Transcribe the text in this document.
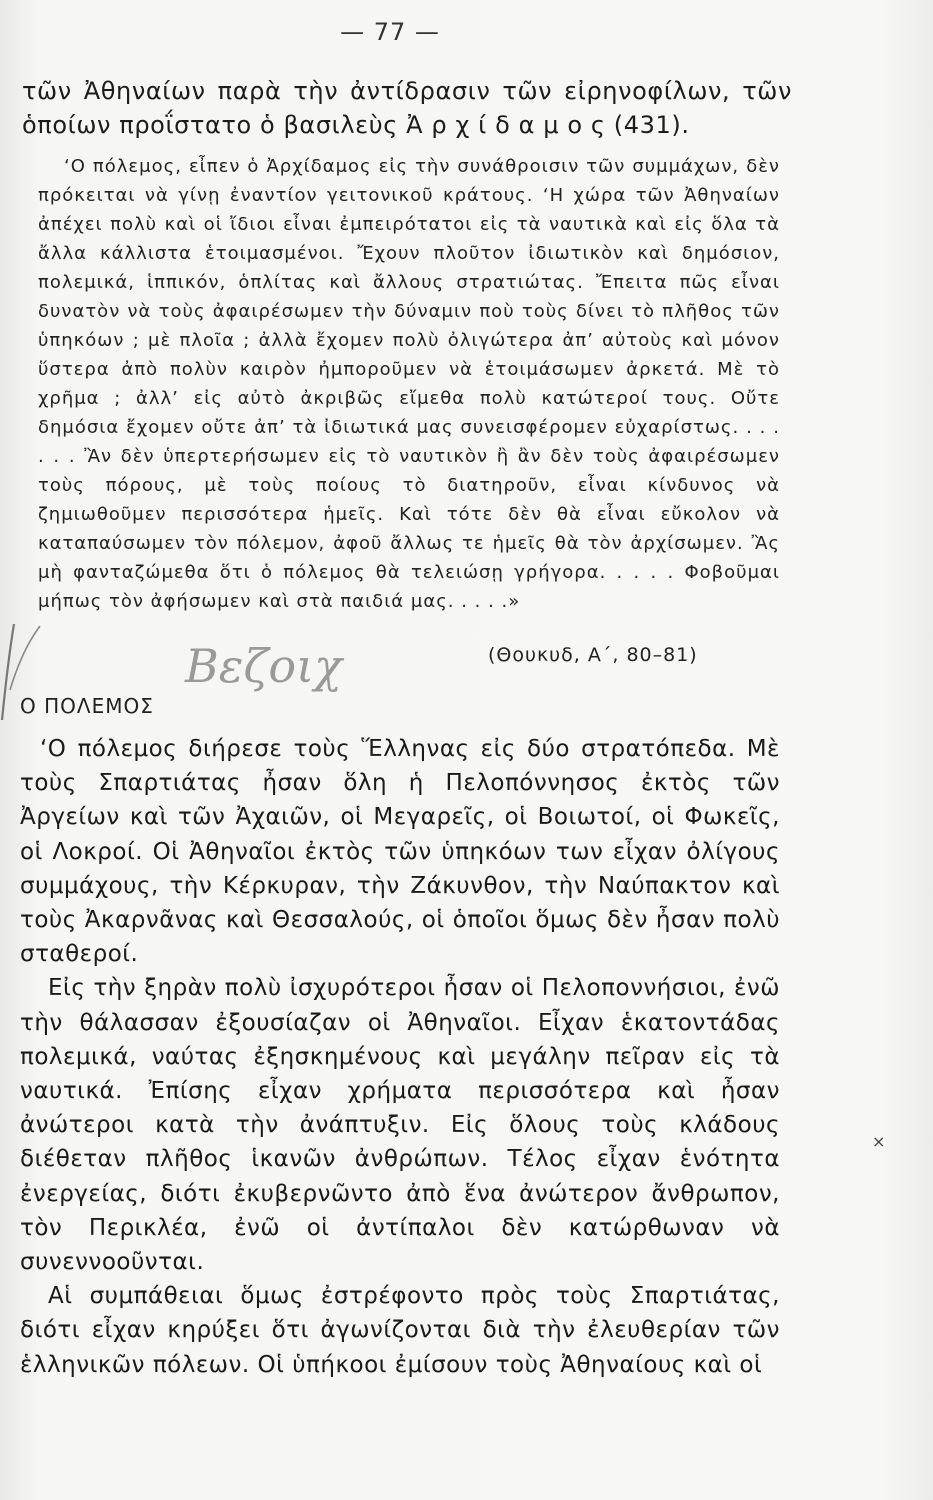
— 77 —

τῶν Ἀθηναίων παρὰ τὴν ἀντίδρασιν τῶν εἰρηνοφίλων, τῶν ὁποίων προΐστατο ὁ βασιλεὺς Ἀ ρ χ ί δ α μ ο ς (431).

‘Ο πόλεμος, εἶπεν ὁ Ἀρχίδαμος εἰς τὴν συνάθροισιν τῶν συμμάχων, δὲν πρόκειται νὰ γίνῃ ἐναντίον γειτονικοῦ κράτους. ‘Η χώρα τῶν Ἀθηναίων ἀπέχει πολὺ καὶ οἱ ἴδιοι εἶναι ἐμπειρότατοι εἰς τὰ ναυτικὰ καὶ εἰς ὅλα τὰ ἄλλα κάλλιστα ἑτοιμασμένοι. Ἔχουν πλοῦτον ἰδιωτικὸν καὶ δημόσιον, πολεμικά, ἱππικόν, ὁπλίτας καὶ ἄλλους στρατιώτας. Ἔπειτα πῶς εἶναι δυνατὸν νὰ τοὺς ἀφαιρέσωμεν τὴν δύναμιν ποὺ τοὺς δίνει τὸ πλῆθος τῶν ὑπηκόων ; μὲ πλοῖα ; ἀλλὰ ἔχομεν πολὺ ὀλιγώτερα ἀπ’ αὐτοὺς καὶ μόνον ὕστερα ἀπὸ πολὺν καιρὸν ἠμποροῦμεν νὰ ἑτοιμάσωμεν ἀρκετά. Μὲ τὸ χρῆμα ; ἀλλ’ εἰς αὐτὸ ἀκριβῶς εἴμεθα πολὺ κατώτεροί τους. Οὔτε δημόσια ἔχομεν οὔτε ἀπ’ τὰ ἰδιωτικά μας συνεισφέρομεν εὐχαρίστως. . . . . . . Ἂν δὲν ὑπερτερήσωμεν εἰς τὸ ναυτικὸν ἢ ἂν δὲν τοὺς ἀφαιρέσωμεν τοὺς πόρους, μὲ τοὺς ποίους τὸ διατηροῦν, εἶναι κίνδυνος νὰ ζημιωθοῦμεν περισσότερα ἡμεῖς. Καὶ τότε δὲν θὰ εἶναι εὔκολον νὰ καταπαύσωμεν τὸν πόλεμον, ἀφοῦ ἄλλως τε ἡμεῖς θὰ τὸν ἀρχίσωμεν. Ἂς μὴ φανταζώμεθα ὅτι ὁ πόλεμος θὰ τελειώσῃ γρήγορα. . . . . Φοβοῦμαι μήπως τὸν ἀφήσωμεν καὶ στὰ παιδιά μας. . . . .»
(Θουκυδ, Α΄, 80–81)
Βεζοιχ
Ο ΠΟΛΕΜΟΣ

‘Ο πόλεμος διήρεσε τοὺς Ἕλληνας εἰς δύο στρατόπεδα. Μὲ τοὺς Σπαρτιάτας ἦσαν ὅλη ἡ Πελοπόννησος ἐκτὸς τῶν Ἀργείων καὶ τῶν Ἀχαιῶν, οἱ Μεγαρεῖς, οἱ Βοιωτοί, οἱ Φωκεῖς, οἱ Λοκροί. Οἱ Ἀθηναῖοι ἐκτὸς τῶν ὑπηκόων των εἶχαν ὀλίγους συμμάχους, τὴν Κέρκυραν, τὴν Ζάκυνθον, τὴν Ναύπακτον καὶ τοὺς Ἀκαρνᾶνας καὶ Θεσσαλούς, οἱ ὁποῖοι ὅμως δὲν ἦσαν πολὺ σταθεροί.

Εἰς τὴν ξηρὰν πολὺ ἰσχυρότεροι ἦσαν οἱ Πελοποννήσιοι, ἐνῶ τὴν θάλασσαν ἐξουσίαζαν οἱ Ἀθηναῖοι. Εἶχαν ἑκατοντάδας πολεμικά, ναύτας ἐξησκημένους καὶ μεγάλην πεῖραν εἰς τὰ ναυτικά. Ἐπίσης εἶχαν χρήματα περισσότερα καὶ ἦσαν ἀνώτεροι κατὰ τὴν ἀνάπτυξιν. Εἰς ὅλους τοὺς κλάδους διέθεταν πλῆθος ἱκανῶν ἀνθρώπων. Τέλος εἶχαν ἑνότητα ἐνεργείας, διότι ἐκυβερνῶντο ἀπὸ ἕνα ἀνώτερον ἄνθρωπον, τὸν Περικλέα, ἐνῶ οἱ ἀντίπαλοι δὲν κατώρθωναν νὰ συνεννοοῦνται.

Αἱ συμπάθειαι ὅμως ἐστρέφοντο πρὸς τοὺς Σπαρτιάτας, διότι εἶχαν κηρύξει ὅτι ἀγωνίζονται διὰ τὴν ἐλευθερίαν τῶν ἑλληνικῶν πόλεων. Οἱ ὑπήκοοι ἐμίσουν τοὺς Ἀθηναίους καὶ οἱ

×
